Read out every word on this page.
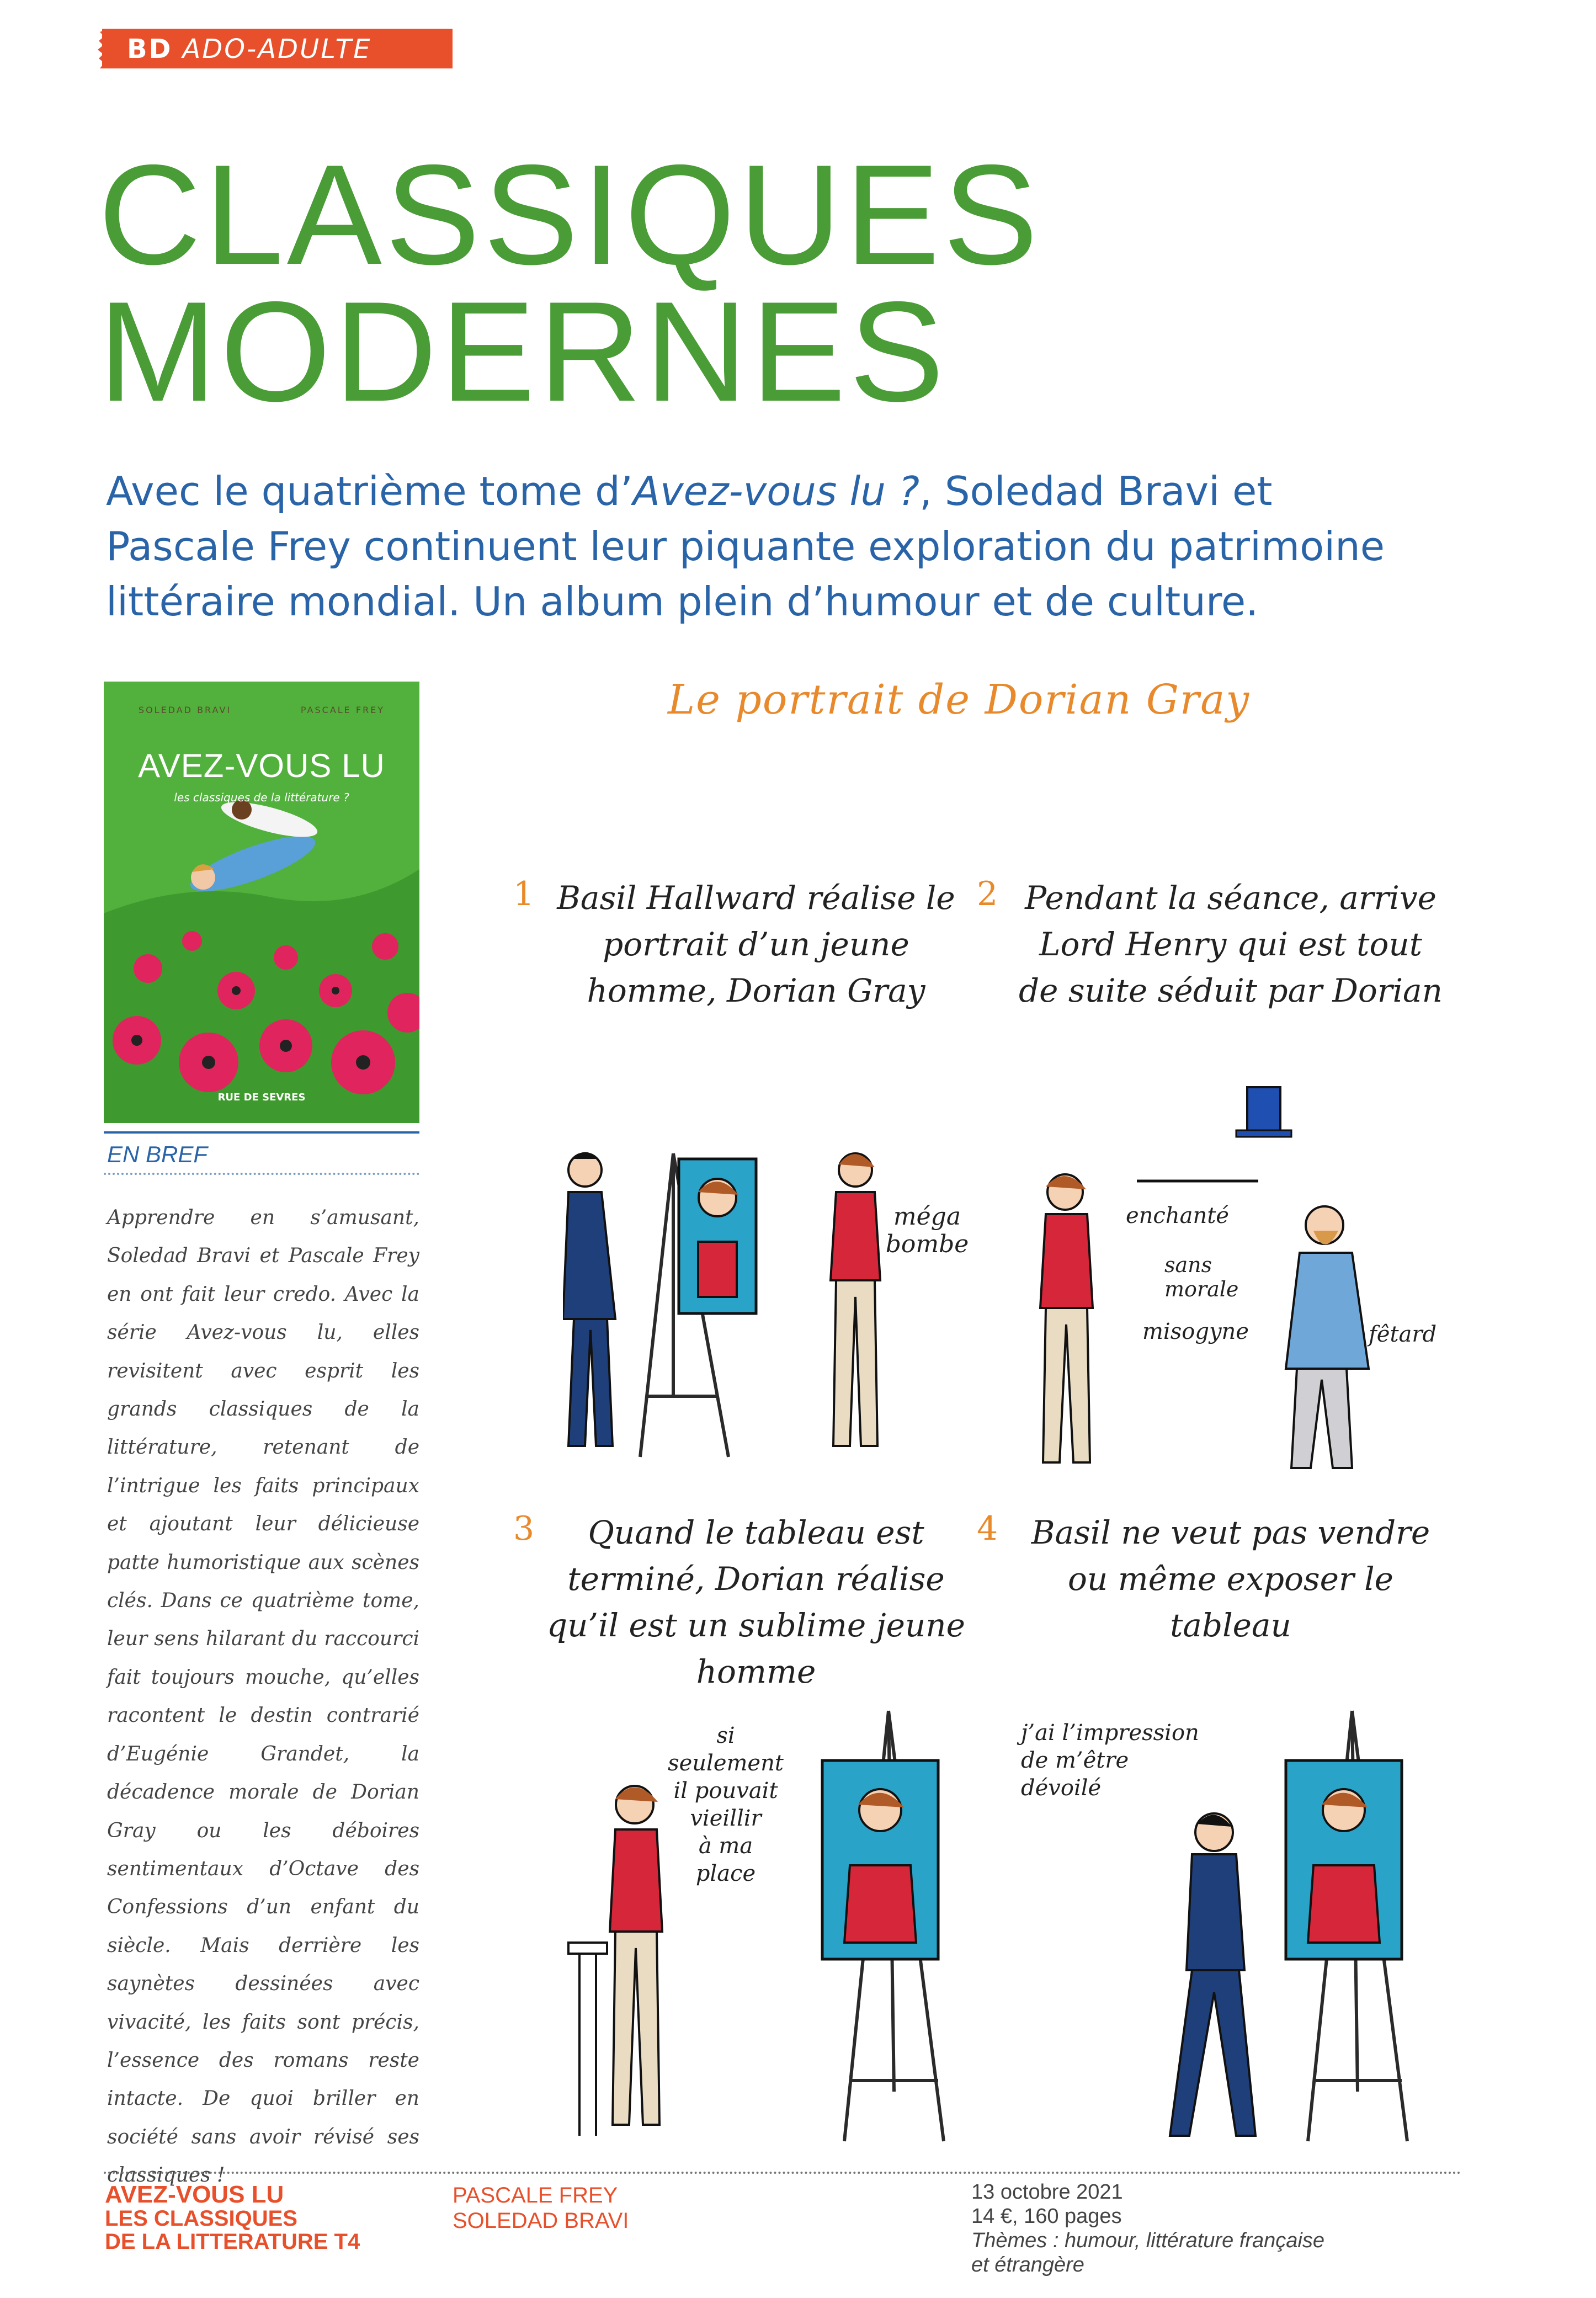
BD ADO-ADULTE
CLASSIQUES
MODERNES
Avec le quatrième tome d’Avez-vous lu ?, Soledad Bravi et Pascale Frey continuent leur piquante exploration du patrimoine littéraire mondial. Un album plein d’humour et de culture.
SOLEDAD BRAVI	PASCALE FREY
AVEZ-VOUS LU
les classiques de la littérature ?
RUE DE SEVRES
EN BREF
Apprendre en s’amusant, Soledad Bravi et Pascale Frey en ont fait leur credo. Avec la série Avez-vous lu, elles revisitent avec esprit les grands classiques de la littérature, retenant de l’intrigue les faits principaux et ajoutant leur délicieuse patte humoristique aux scènes clés. Dans ce quatrième tome, leur sens hilarant du raccourci fait toujours mouche, qu’elles racontent le destin contrarié d’Eugénie Grandet, la décadence morale de Dorian Gray ou les déboires sentimentaux d’Octave des Confessions d’un enfant du siècle. Mais derrière les saynètes dessinées avec vivacité, les faits sont précis, l’essence des romans reste intacte. De quoi briller en société sans avoir révisé ses classiques !
Le portrait de Dorian Gray
1 Basil Hallward réalise le portrait d’un jeune homme, Dorian Gray
méga
bombe
2 Pendant la séance, arrive Lord Henry qui est tout de suite séduit par Dorian
enchanté
sans
morale
misogyne	fêtard
3	Quand le tableau est terminé, Dorian réalise qu’il est un sublime jeune homme
si seulement
il pouvait
vieillir
à ma
place
4	Basil ne veut pas vendre ou même exposer le tableau
j’ai l’impression
de m’être
dévoilé
AVEZ-VOUS LU
LES CLASSIQUES
DE LA LITTERATURE T4
PASCALE FREY
SOLEDAD BRAVI
13 octobre 2021
14 €, 160 pages
Thèmes : humour, littérature française
et étrangère
